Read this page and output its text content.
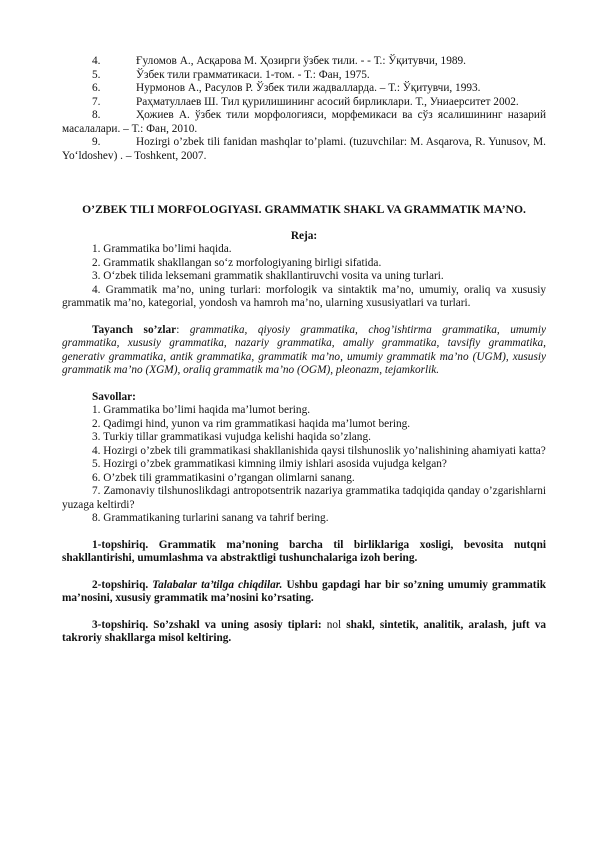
4.	Ғуломов А., Асқарова М. Ҳозирги ўзбек тили. - - Т.: Ўқитувчи, 1989.
5.	Ўзбек тили грамматикаси. 1-том. - Т.: Фан, 1975.
6.	Нурмонов А., Расулов Р. Ўзбек тили жадвалларда. – Т.: Ўқитувчи, 1993.
7.	Раҳматуллаев Ш. Тил қурилишининг асосий бирликлари. Т., Униаерситет 2002.

8.	Ҳожиев А. ўзбек тили морфологияси, морфемикаси ва сўз ясалишининг назарий масалалари. – Т.: Фан, 2010.

9.	Hozirgi o’zbek tili fanidan mashqlar to’plami. (tuzuvchilar: M. Asqarova, R. Yunusov, M. Yo‘ldoshev) . – Toshkent, 2007.

O’ZBEK TILI MORFOLOGIYASI. GRAMMATIK SHAKL VA GRAMMATIK MA’NO.
Reja:

1. Grammatika bo’limi haqida.

2. Grammatik shakllangan so‘z morfologiyaning birligi sifatida.

3. O‘zbek tilida leksemani grammatik shakllantiruvchi vosita va uning turlari.

4. Grammatik ma’no, uning turlari: morfologik va sintaktik ma’no, umumiy, oraliq va xususiy grammatik ma’no, kategorial, yondosh va hamroh ma’no, ularning xususiyatlari va turlari.

Tayanch so’zlar: grammatika, qiyosiy grammatika, chog’ishtirma grammatika, umumiy grammatika, xususiy grammatika, nazariy grammatika, amaliy grammatika, tavsifiy grammatika, generativ grammatika, antik grammatika, grammatik ma’no, umumiy grammatik ma’no (UGM), xususiy grammatik ma’no (XGM), oraliq grammatik ma’no (OGM), pleonazm, tejamkorlik.

Savollar:

1. Grammatika bo’limi haqida ma’lumot bering.

2. Qadimgi hind, yunon va rim grammatikasi haqida ma’lumot bering.

3. Turkiy tillar grammatikasi vujudga kelishi haqida so’zlang.

4. Hozirgi o’zbek tili grammatikasi shakllanishida qaysi tilshunoslik yo’nalishining ahamiyati katta?

5. Hozirgi o’zbek grammatikasi kimning ilmiy ishlari asosida vujudga kelgan?

6. O’zbek tili grammatikasini o’rgangan olimlarni sanang.

7. Zamonaviy tilshunoslikdagi antropotsentrik nazariya grammatika tadqiqida qanday o’zgarishlarni yuzaga keltirdi?

8. Grammatikaning turlarini sanang va tahrif bering.

1-topshiriq. Grammatik ma’noning barcha til birliklariga xosligi, bevosita nutqni shakllantirishi, umumlashma va abstraktligi tushunchalariga izoh bering.

2-topshiriq. Talabalar ta’tilga chiqdilar. Ushbu gapdagi har bir so’zning umumiy grammatik ma’nosini, xususiy grammatik ma’nosini ko’rsating.

3-topshiriq. So’zshakl va uning asosiy tiplari: nol shakl, sintetik, analitik, aralash, juft va takroriy shakllarga misol keltiring.
